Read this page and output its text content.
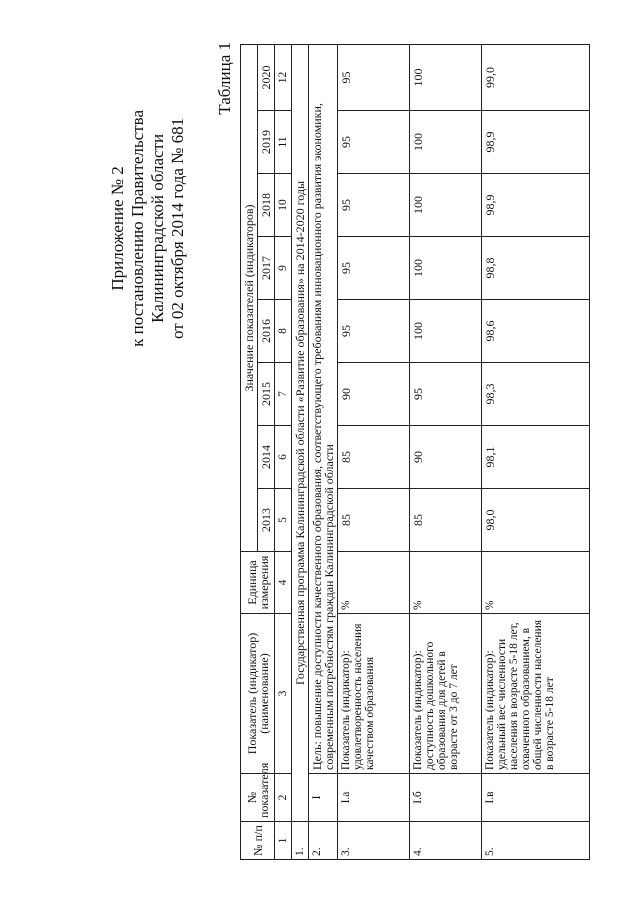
Приложение № 2 к постановлению Правительства Калининградской области от 02 октября 2014 года № 681
Таблица 1
№ п/п	№ показателя	Показатель (индикатор) (наименование)	Единица измерения	Значение показателей (индикаторов)							
				2013	2014	2015	2016	2017	2018	2019	2020
1	2	3	4	5	6	7	8	9	10	11	12
1.	Государственная программа Калининградской области «Развитие образования» на 2014-2020 годы										
2.	I	Цель: повышение доступности качественного образования, соответствующего требованиям инновационного развития экономики, современным потребностям граждан Калининградской области									
3.	I.а	Показатель (индикатор): удовлетворенность населения качеством образования	%	85	85	90	95	95	95	95	95
4.	I.б	Показатель (индикатор): доступность дошкольного образования для детей в возрасте от 3 до 7 лет	%	85	90	95	100	100	100	100	100
5.	I.в	Показатель (индикатор): удельный вес численности населения в возрасте 5-18 лет, охваченного образованием, в общей численности населения в возрасте 5-18 лет	%	98,0	98,1	98,3	98,6	98,8	98,9	98,9	99,0
